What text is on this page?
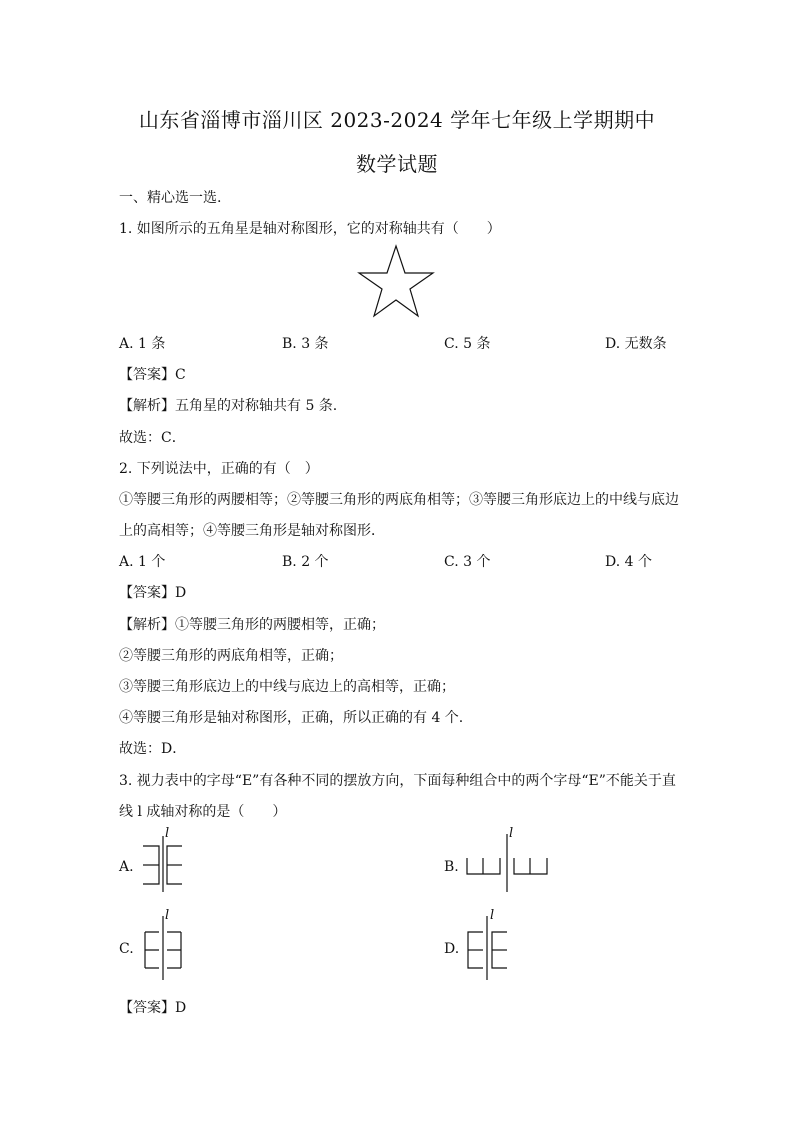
山东省淄博市淄川区 2023-2024 学年七年级上学期期中
数学试题
一、精心选一选.
1. 如图所示的五角星是轴对称图形，它的对称轴共有（　　）
A. 1 条	B. 3 条	C. 5 条	D. 无数条
【答案】C
【解析】五角星的对称轴共有 5 条.
故选：C．
2. 下列说法中，正确的有（　）
①等腰三角形的两腰相等；②等腰三角形的两底角相等；③等腰三角形底边上的中线与底边
上的高相等；④等腰三角形是轴对称图形．
A. 1 个	B. 2 个	C. 3 个	D. 4 个
【答案】D
【解析】①等腰三角形的两腰相等，正确；
②等腰三角形的两底角相等，正确；
③等腰三角形底边上的中线与底边上的高相等，正确；
④等腰三角形是轴对称图形，正确，所以正确的有 4 个.
故选：D．
3. 视力表中的字母“E”有各种不同的摆放方向，下面每种组合中的两个字母“E”不能关于直
线 l 成轴对称的是（　　）
A.
l
B.
l
C.
l
D.
l
【答案】D
